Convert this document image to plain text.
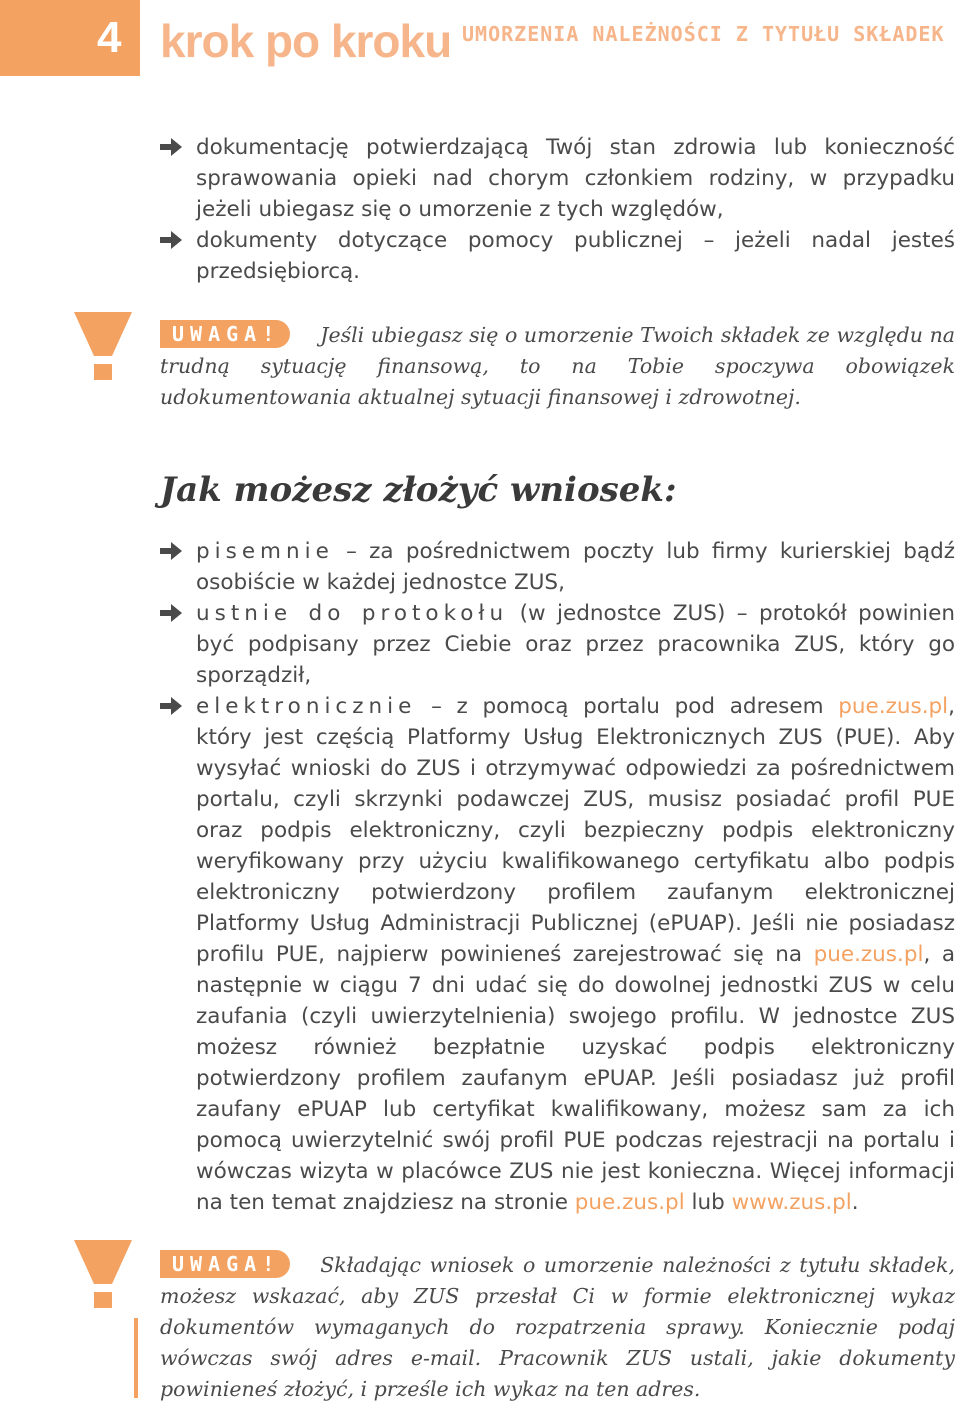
4 krok po kroku UMORZENIA NALEŻNOŚCI Z TYTUŁU SKŁADEK
dokumentację potwierdzającą Twój stan zdrowia lub konieczność sprawowania opieki nad chorym członkiem rodziny, w przypadku jeżeli ubiegasz się o umorzenie z tych względów,
dokumenty dotyczące pomocy publicznej – jeżeli nadal jesteś przedsiębiorcą.
UWAGA! Jeśli ubiegasz się o umorzenie Twoich składek ze względu na trudną sytuację finansową, to na Tobie spoczywa obowiązek udokumentowania aktualnej sytuacji finansowej i zdrowotnej.
Jak możesz złożyć wniosek:
pisemnie – za pośrednictwem poczty lub firmy kurierskiej bądź osobiście w każdej jednostce ZUS,
ustnie do protokołu (w jednostce ZUS) – protokół powinien być podpisany przez Ciebie oraz przez pracownika ZUS, który go sporządził,
elektronicznie – z pomocą portalu pod adresem pue.zus.pl, który jest częścią Platformy Usług Elektronicznych ZUS (PUE). Aby wysyłać wnioski do ZUS i otrzymywać odpowiedzi za pośrednictwem portalu, czyli skrzynki podawczej ZUS, musisz posiadać profil PUE oraz podpis elektroniczny, czyli bezpieczny podpis elektroniczny weryfikowany przy użyciu kwalifikowanego certyfikatu albo podpis elektroniczny potwierdzony profilem zaufanym elektronicznej Platformy Usług Administracji Publicznej (ePUAP). Jeśli nie posiadasz profilu PUE, najpierw powinieneś zarejestrować się na pue.zus.pl, a następnie w ciągu 7 dni udać się do dowolnej jednostki ZUS w celu zaufania (czyli uwierzytelnienia) swojego profilu. W jednostce ZUS możesz również bezpłatnie uzyskać podpis elektroniczny potwierdzony profilem zaufanym ePUAP. Jeśli posiadasz już profil zaufany ePUAP lub certyfikat kwalifikowany, możesz sam za ich pomocą uwierzytelnić swój profil PUE podczas rejestracji na portalu i wówczas wizyta w placówce ZUS nie jest konieczna. Więcej informacji na ten temat znajdziesz na stronie pue.zus.pl lub www.zus.pl.
UWAGA! Składając wniosek o umorzenie należności z tytułu składek, możesz wskazać, aby ZUS przesłał Ci w formie elektronicznej wykaz dokumentów wymaganych do rozpatrzenia sprawy. Koniecznie podaj wówczas swój adres e-mail. Pracownik ZUS ustali, jakie dokumenty powinieneś złożyć, i prześle ich wykaz na ten adres.
